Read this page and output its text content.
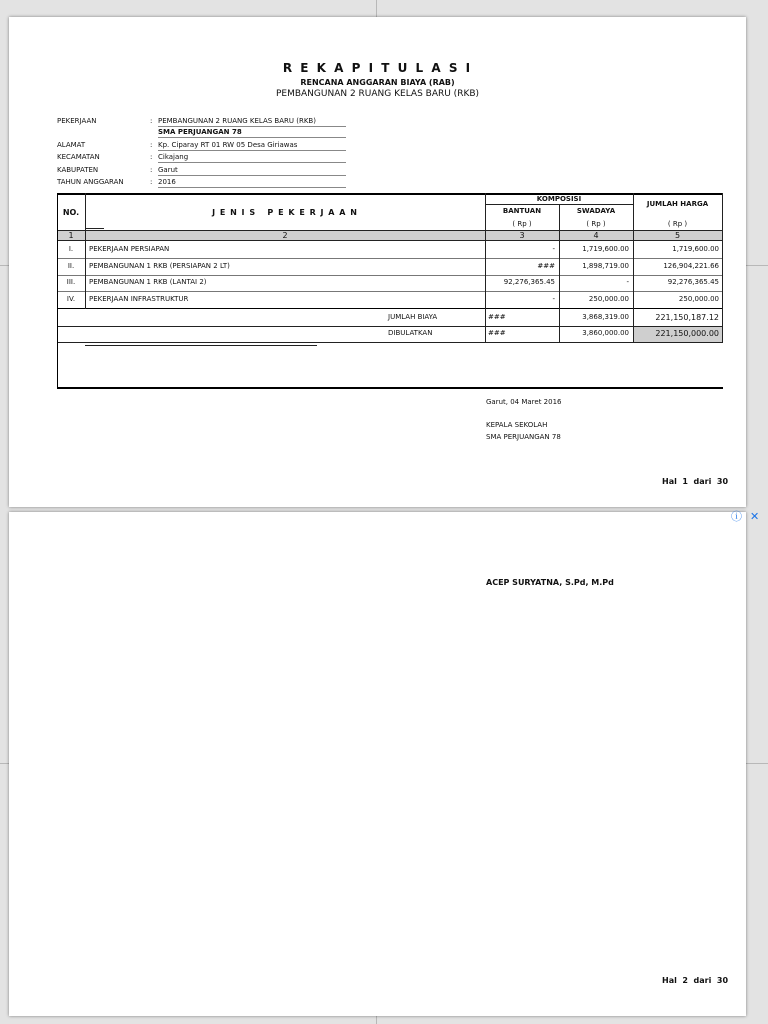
R E K A P I T U L A S I
RENCANA ANGGARAN BIAYA (RAB)
PEMBANGUNAN 2 RUANG KELAS BARU (RKB)
PEKERJAAN	: PEMBANGUNAN 2 RUANG KELAS BARU (RKB)
SMA PERJUANGAN 78
ALAMAT	: Kp. Ciparay RT 01 RW 05 Desa Giriawas
KECAMATAN	: Cikajang
KABUPATEN	: Garut
TAHUN ANGGARAN	: 2016
NO.	J E N I S   P E K E R J A A N
KOMPOSISI
BANTUAN	SWADAYA
JUMLAH HARGA
( Rp )	( Rp )	( Rp )
1	2	3	4	5
I.	PEKERJAAN PERSIAPAN	-	1,719,600.00	1,719,600.00
II.	PEMBANGUNAN 1 RKB (PERSIAPAN 2 LT)	###	1,898,719.00	126,904,221.66
III.	PEMBANGUNAN 1 RKB (LANTAI 2)	92,276,365.45	-	92,276,365.45
IV.	PEKERJAAN INFRASTRUKTUR	-	250,000.00	250,000.00
JUMLAH BIAYA	###	3,868,319.00	221,150,187.12
DIBULATKAN	###	3,860,000.00	221,150,000.00
Garut, 04 Maret 2016
KEPALA SEKOLAH
SMA PERJUANGAN 78
Hal  1  dari  30
ACEP SURYATNA, S.Pd, M.Pd
Hal  2  dari  30
ⓘ ✕
